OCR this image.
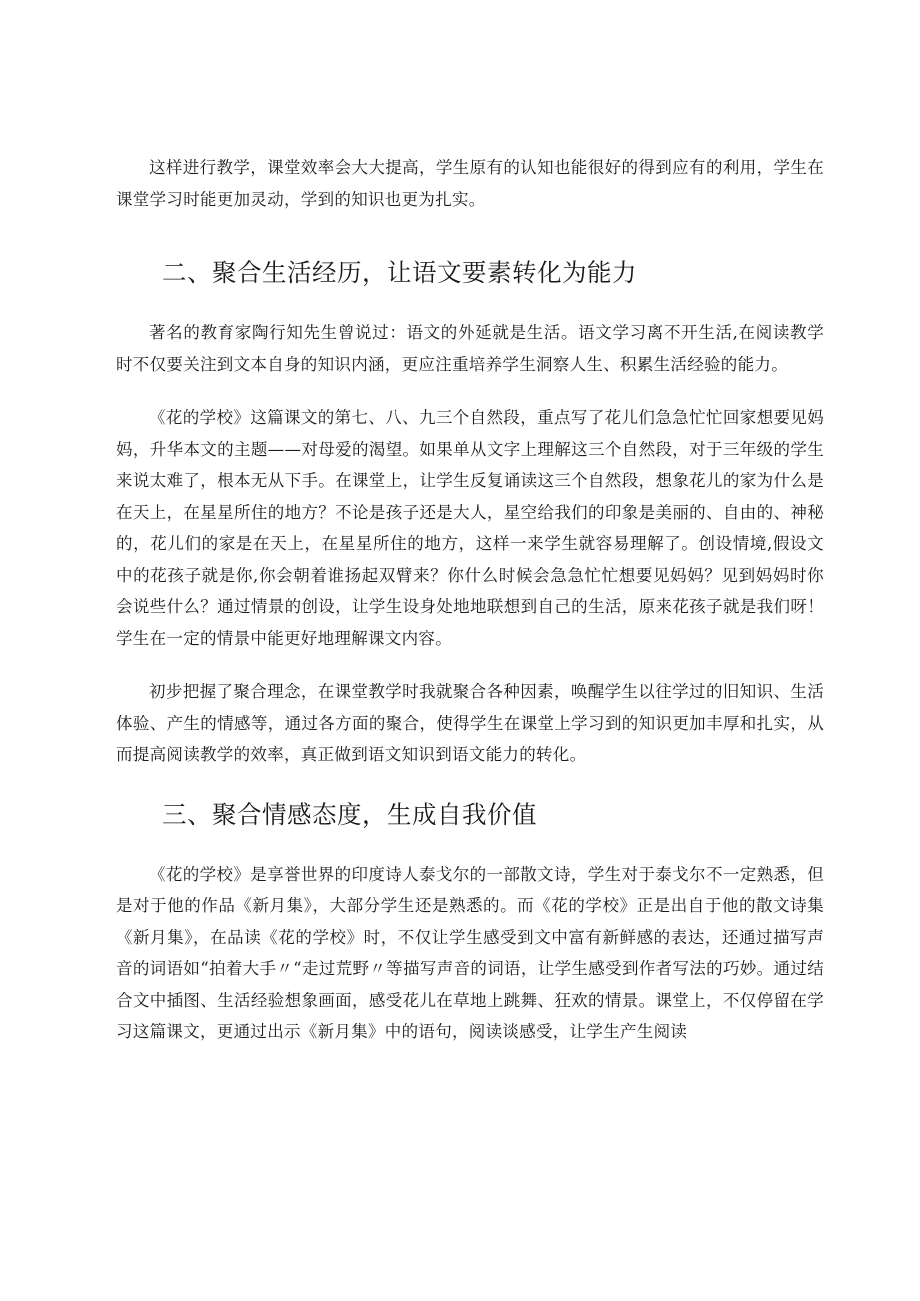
这样进行教学，课堂效率会大大提高，学生原有的认知也能很好的得到应有的利用，学生在课堂学习时能更加灵动，学到的知识也更为扎实。

二、聚合生活经历，让语文要素转化为能力

著名的教育家陶行知先生曾说过：语文的外延就是生活。语文学习离不开生活,在阅读教学时不仅要关注到文本自身的知识内涵，更应注重培养学生洞察人生、积累生活经验的能力。

《花的学校》这篇课文的第七、八、九三个自然段，重点写了花儿们急急忙忙回家想要见妈妈，升华本文的主题——对母爱的渴望。如果单从文字上理解这三个自然段，对于三年级的学生来说太难了，根本无从下手。在课堂上，让学生反复诵读这三个自然段，想象花儿的家为什么是在天上，在星星所住的地方？不论是孩子还是大人，星空给我们的印象是美丽的、自由的、神秘的，花儿们的家是在天上，在星星所住的地方，这样一来学生就容易理解了。创设情境,假设文中的花孩子就是你,你会朝着谁扬起双臂来？你什么时候会急急忙忙想要见妈妈？见到妈妈时你会说些什么？通过情景的创设，让学生设身处地地联想到自己的生活，原来花孩子就是我们呀！学生在一定的情景中能更好地理解课文内容。

初步把握了聚合理念，在课堂教学时我就聚合各种因素，唤醒学生以往学过的旧知识、生活体验、产生的情感等，通过各方面的聚合，使得学生在课堂上学习到的知识更加丰厚和扎实，从而提高阅读教学的效率，真正做到语文知识到语文能力的转化。

三、聚合情感态度，生成自我价值

《花的学校》是享誉世界的印度诗人泰戈尔的一部散文诗，学生对于泰戈尔不一定熟悉，但是对于他的作品《新月集》，大部分学生还是熟悉的。而《花的学校》正是出自于他的散文诗集《新月集》，在品读《花的学校》时，不仅让学生感受到文中富有新鲜感的表达，还通过描写声音的词语如“拍着大手〃“走过荒野〃等描写声音的词语，让学生感受到作者写法的巧妙。通过结合文中插图、生活经验想象画面，感受花儿在草地上跳舞、狂欢的情景。课堂上，不仅停留在学习这篇课文，更通过出示《新月集》中的语句，阅读谈感受，让学生产生阅读
